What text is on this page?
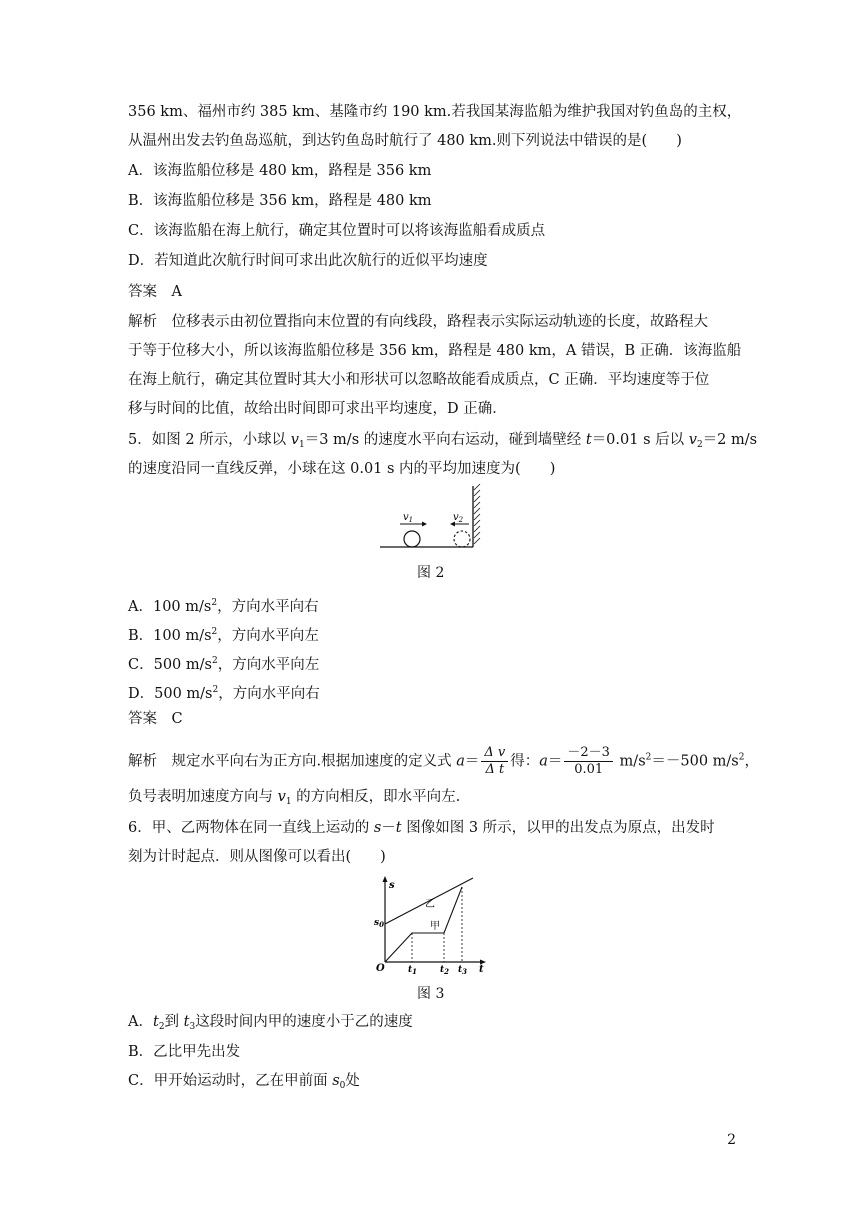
356 km、福州市约 385 km、基隆市约 190 km.若我国某海监船为维护我国对钓鱼岛的主权，
从温州出发去钓鱼岛巡航，到达钓鱼岛时航行了 480 km.则下列说法中错误的是(　　)
A．该海监船位移是 480 km，路程是 356 km
B．该海监船位移是 356 km，路程是 480 km
C．该海监船在海上航行，确定其位置时可以将该海监船看成质点
D．若知道此次航行时间可求出此次航行的近似平均速度
答案　A
解析　位移表示由初位置指向末位置的有向线段，路程表示实际运动轨迹的长度，故路程大
于等于位移大小，所以该海监船位移是 356 km，路程是 480 km，A 错误，B 正确．该海监船
在海上航行，确定其位置时其大小和形状可以忽略故能看成质点，C 正确．平均速度等于位
移与时间的比值，故给出时间即可求出平均速度，D 正确．
5．如图 2 所示，小球以 $v_1=3$ m/s 的速度水平向右运动，碰到墙壁经 t＝0.01 s 后以 $v_2=2$ m/s
的速度沿同一直线反弹，小球在这 0.01 s 内的平均加速度为(　　)
$v_1$	$v_2$
图 2
A．100 $m/s^2$，方向水平向右
B．100 $m/s^2$，方向水平向左
C．500 $m/s^2$，方向水平向左
D．500 $m/s^2$，方向水平向右
答案　C
解析　规定水平向右为正方向.根据加速度的定义式 $a= \frac{\text{Δ v}}{\text{Δ t}}$ 得：$a= \frac{-2-3}{0.01} m/s^2=-500$ $m/s^2$，
负号表明加速度方向与 $v_1$ 的方向相反，即水平向左.
6．甲、乙两物体在同一直线上运动的 s－t 图像如图 3 所示，以甲的出发点为原点，出发时
刻为计时起点．则从图像可以看出(　　)
s
t
O
$s_0$
乙
甲
$t_1$	$t_2$ $t_3$
图 3
A．$t_2$到 $t_3$这段时间内甲的速度小于乙的速度
B．乙比甲先出发
C．甲开始运动时，乙在甲前面 $s_0$处
2
